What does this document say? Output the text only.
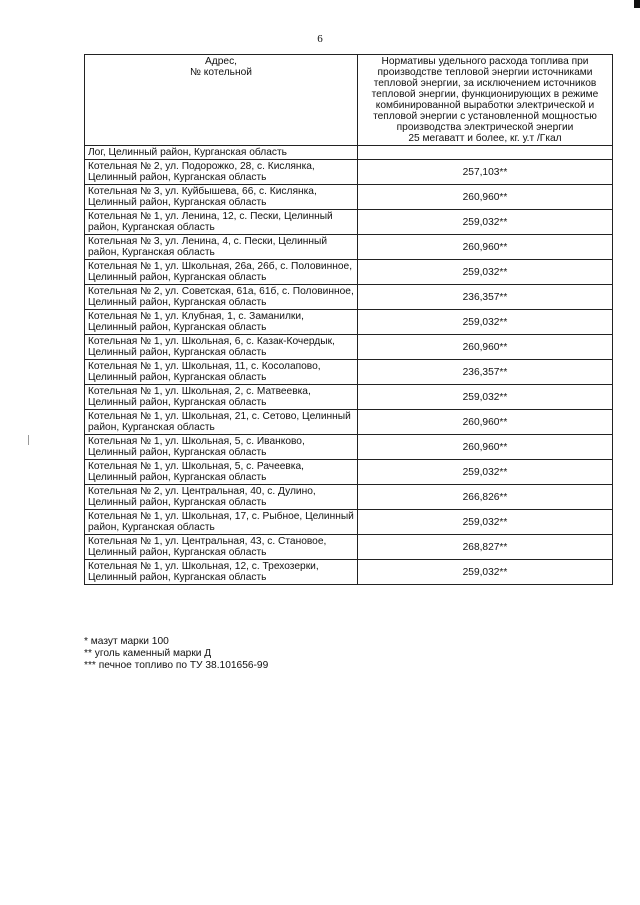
6
Адрес,
№ котельной	Нормативы удельного расхода топлива при производстве тепловой энергии источниками тепловой энергии, за исключением источников тепловой энергии, функционирующих в режиме комбинированной выработки электрической и тепловой энергии с установленной мощностью производства электрической энергии
25 мегаватт и более, кг. у.т /Гкал
Лог, Целинный район, Курганская область	
Котельная № 2, ул. Подорожко, 28, с. Кислянка, Целинный район, Курганская область	257,103**
Котельная № 3, ул. Куйбышева, 66, с. Кислянка, Целинный район, Курганская область	260,960**
Котельная № 1, ул. Ленина, 12, с. Пески, Целинный район, Курганская область	259,032**
Котельная № 3, ул. Ленина, 4, с. Пески, Целинный район, Курганская область	260,960**
Котельная № 1, ул. Школьная, 26а, 26б, с. Половинное, Целинный район, Курганская область	259,032**
Котельная № 2, ул. Советская, 61а, 61б, с. Половинное, Целинный район, Курганская область	236,357**
Котельная № 1, ул. Клубная, 1, с. Заманилки, Целинный район, Курганская область	259,032**
Котельная № 1, ул. Школьная, 6, с. Казак-Кочердык, Целинный район, Курганская область	260,960**
Котельная № 1, ул. Школьная, 11, с. Косолапово, Целинный район, Курганская область	236,357**
Котельная № 1, ул. Школьная, 2, с. Матвеевка, Целинный район, Курганская область	259,032**
Котельная № 1, ул. Школьная, 21, с. Сетово, Целинный район, Курганская область	260,960**
Котельная № 1, ул. Школьная, 5, с. Иванково, Целинный район, Курганская область	260,960**
Котельная № 1, ул. Школьная, 5, с. Рачеевка, Целинный район, Курганская область	259,032**
Котельная № 2, ул. Центральная, 40, с. Дулино, Целинный район, Курганская область	266,826**
Котельная № 1, ул. Школьная, 17, с. Рыбное, Целинный район, Курганская область	259,032**
Котельная № 1, ул. Центральная, 43, с. Становое, Целинный район, Курганская область	268,827**
Котельная № 1, ул. Школьная, 12, с. Трехозерки, Целинный район, Курганская область	259,032**
* мазут марки 100
** уголь каменный марки Д
*** печное топливо по ТУ 38.101656-99
